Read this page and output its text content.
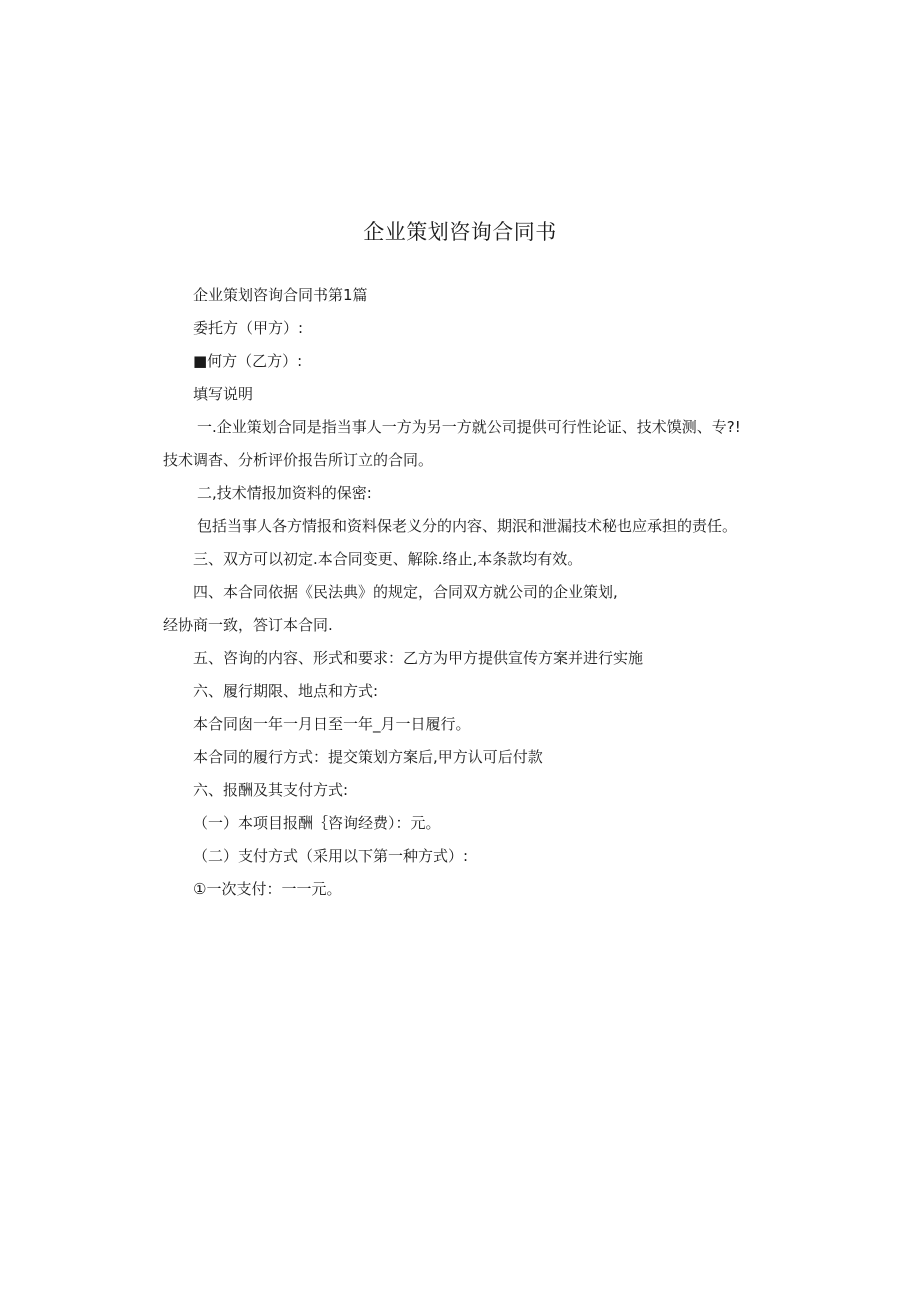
企业策划咨询合同书

企业策划咨询合同书第1篇

委托方（甲方）:

■何方（乙方）:

填写说明

一.企业策划合同是指当事人一方为另一方就公司提供可行性论证、技术馍测、专?!

技术调杳、分析评价报告所订立的合同。

二,技术情报加资料的保密:

包括当事人各方情报和资料保老义分的内容、期泯和泄漏技术秘也应承担的责任。

三、双方可以初定.本合同变更、解除.络止,本条款均有效。

四、本合同依据《民法典》的规定，合同双方就公司的企业策划,

经协商一致，答订本合同.

五、咨询的内容、形式和要求：乙方为甲方提供宣传方案并进行实施

六、履行期限、地点和方式:

本合同囱一年一月日至一年_月一日履行。

本合同的履行方式：提交策划方案后,甲方认可后付款

六、报酬及其支付方式:

（一）本项目报酬｛咨询经费）：元。

（二）支付方式（采用以下第一种方式）:

①一次支付：一一元。
